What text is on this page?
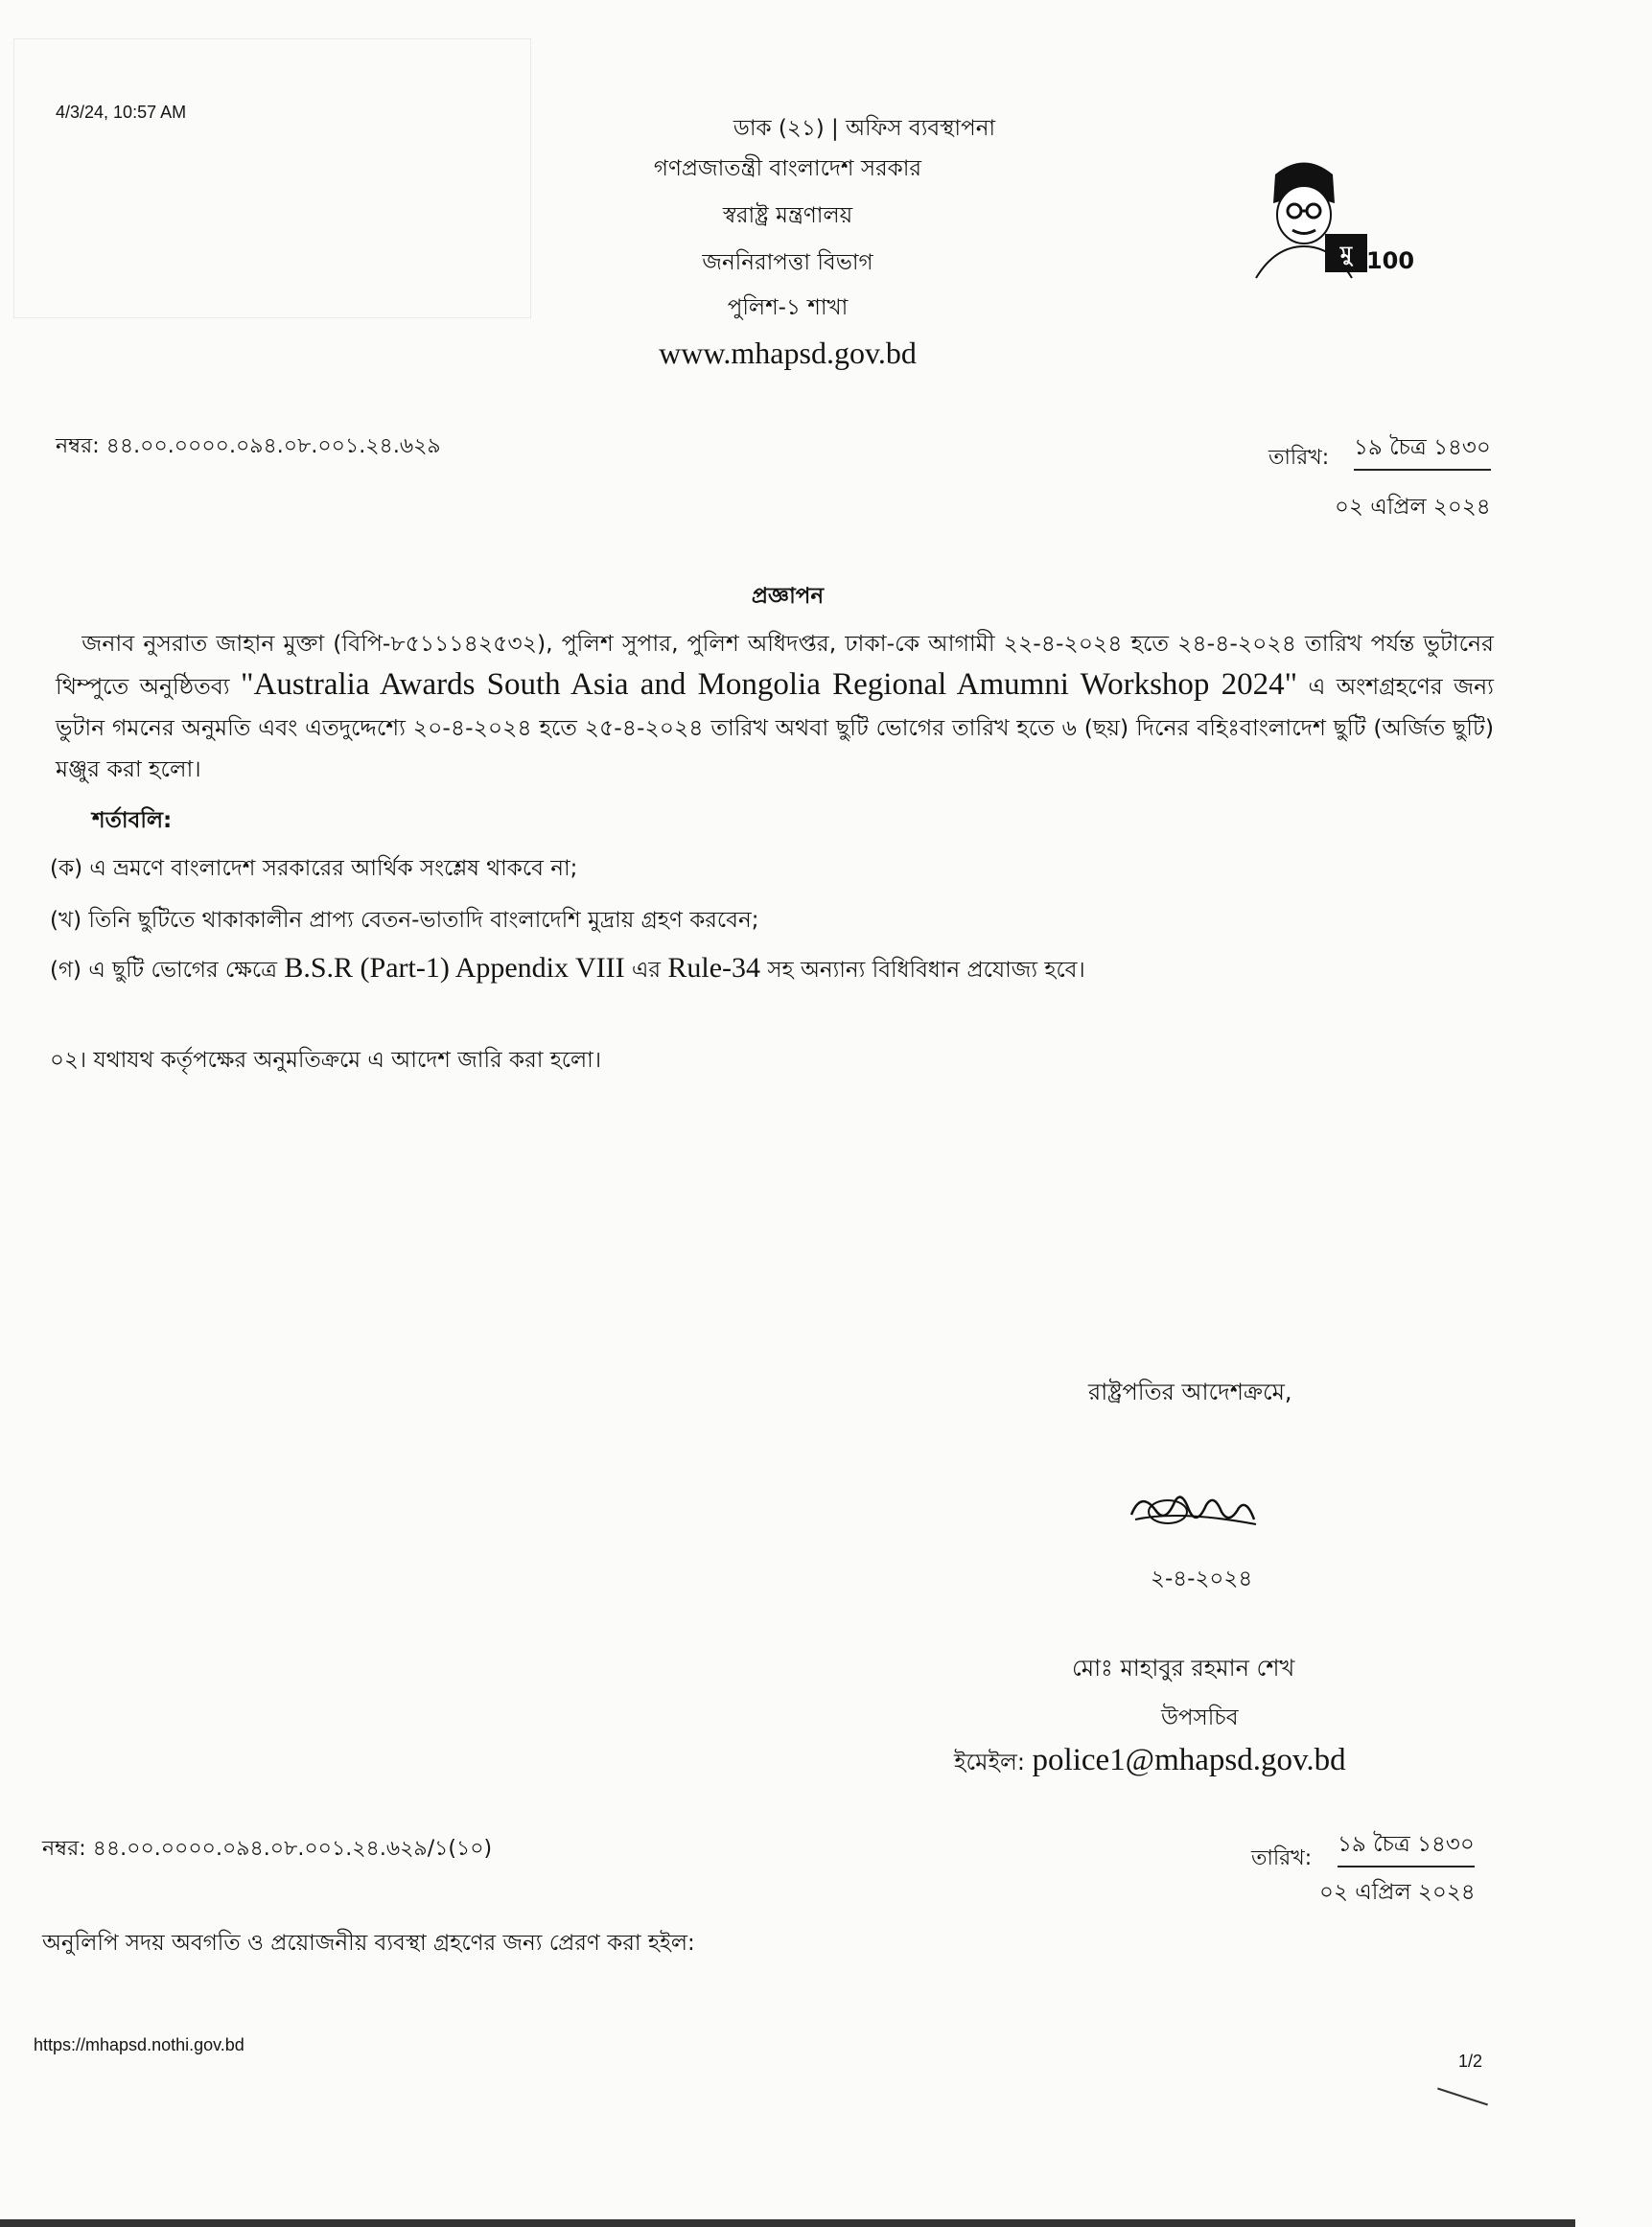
4/3/24, 10:57 AM
ডাক (২১) | অফিস ব্যবস্থাপনা
গণপ্রজাতন্ত্রী বাংলাদেশ সরকার
স্বরাষ্ট্র মন্ত্রণালয়
জননিরাপত্তা বিভাগ
পুলিশ-১ শাখা
www.mhapsd.gov.bd
মু 100
নম্বর: ৪৪.০০.০০০০.০৯৪.০৮.০০১.২৪.৬২৯	তারিখ: ১৯ চৈত্র ১৪৩০
০২ এপ্রিল ২০২৪
প্রজ্ঞাপন
জনাব নুসরাত জাহান মুক্তা (বিপি-৮৫১১১৪২৫৩২), পুলিশ সুপার, পুলিশ অধিদপ্তর, ঢাকা-কে আগামী ২২-৪-২০২৪ হতে ২৪-৪-২০২৪ তারিখ পর্যন্ত ভুটানের থিম্পুতে অনুষ্ঠিতব্য "Australia Awards South Asia and Mongolia Regional Amumni Workshop 2024" এ অংশগ্রহণের জন্য ভুটান গমনের অনুমতি এবং এতদুদ্দেশ্যে ২০-৪-২০২৪ হতে ২৫-৪-২০২৪ তারিখ অথবা ছুটি ভোগের তারিখ হতে ৬ (ছয়) দিনের বহিঃবাংলাদেশ ছুটি (অর্জিত ছুটি) মঞ্জুর করা হলো।
শর্তাবলি:
(ক) এ ভ্রমণে বাংলাদেশ সরকারের আর্থিক সংশ্লেষ থাকবে না;
(খ) তিনি ছুটিতে থাকাকালীন প্রাপ্য বেতন-ভাতাদি বাংলাদেশি মুদ্রায় গ্রহণ করবেন;
(গ) এ ছুটি ভোগের ক্ষেত্রে B.S.R (Part-1) Appendix VIII এর Rule-34 সহ অন্যান্য বিধিবিধান প্রযোজ্য হবে।
০২। যথাযথ কর্তৃপক্ষের অনুমতিক্রমে এ আদেশ জারি করা হলো।
রাষ্ট্রপতির আদেশক্রমে,
২-৪-২০২৪
মোঃ মাহাবুর রহমান শেখ
উপসচিব
ইমেইল: police1@mhapsd.gov.bd
নম্বর: ৪৪.০০.০০০০.০৯৪.০৮.০০১.২৪.৬২৯/১(১০)	তারিখ:
১৯ চৈত্র ১৪৩০
০২ এপ্রিল ২০২৪
অনুলিপি সদয় অবগতি ও প্রয়োজনীয় ব্যবস্থা গ্রহণের জন্য প্রেরণ করা হইল:
https://mhapsd.nothi.gov.bd
1/2
